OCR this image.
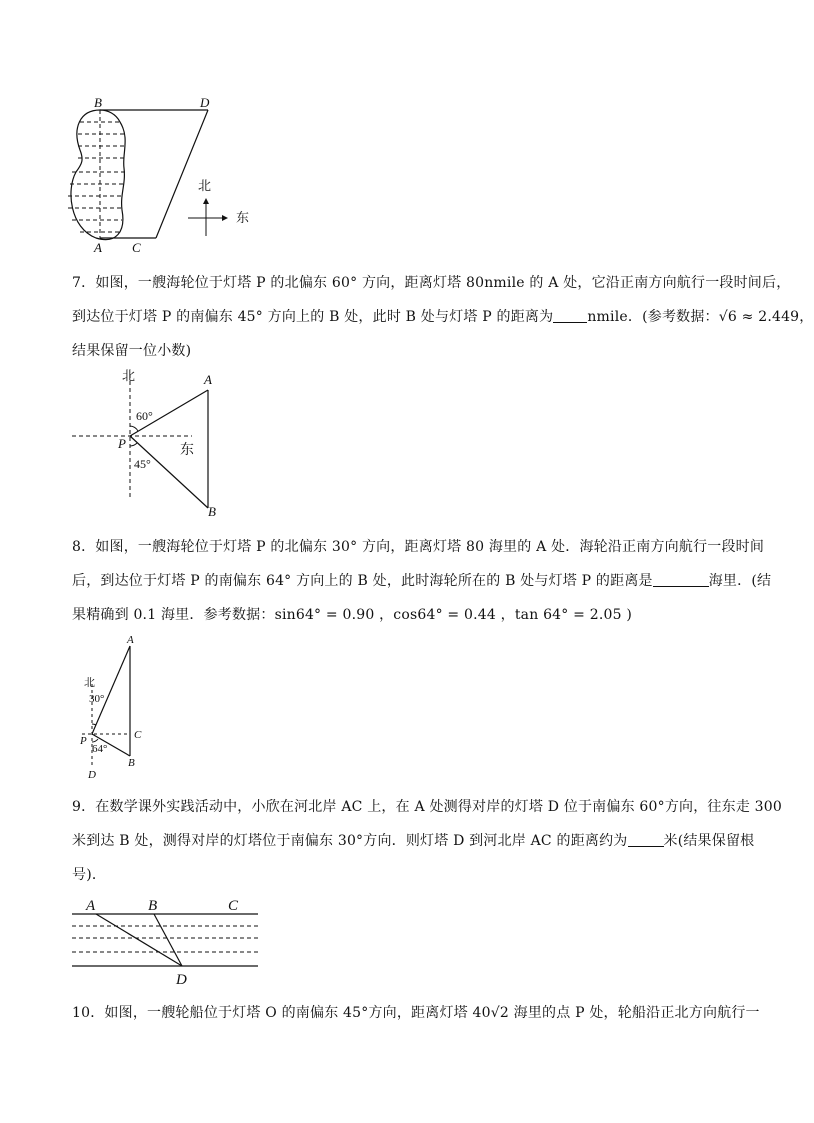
B	D
A C
北
东
7．如图，一艘海轮位于灯塔 P 的北偏东 60° 方向，距离灯塔 80nmile 的 A 处，它沿正南方向航行一段时间后，
到达位于灯塔 P 的南偏东 45° 方向上的 B 处，此时 B 处与灯塔 P 的距离为 nmile．(参考数据：√6 ≈ 2.449，
结果保留一位小数)
北	A
60°
P	东
45°
B
8．如图，一艘海轮位于灯塔 P 的北偏东 30° 方向，距离灯塔 80 海里的 A 处．海轮沿正南方向航行一段时间
后，到达位于灯塔 P 的南偏东 64° 方向上的 B 处，此时海轮所在的 B 处与灯塔 P 的距离是	海里．(结
果精确到 0.1 海里．参考数据：sin64° = 0.90 ，cos64° = 0.44 ，tan 64° = 2.05 )
A
北
30°
P
64°
C
B
D
9．在数学课外实践活动中，小欣在河北岸 AC 上，在 A 处测得对岸的灯塔 D 位于南偏东 60°方向，往东走 300
米到达 B 处，测得对岸的灯塔位于南偏东 30°方向．则灯塔 D 到河北岸 AC 的距离约为	米(结果保留根
号)．
A	B	C
D
10．如图，一艘轮船位于灯塔 O 的南偏东 45°方向，距离灯塔 40√2 海里的点 P 处，轮船沿正北方向航行一
